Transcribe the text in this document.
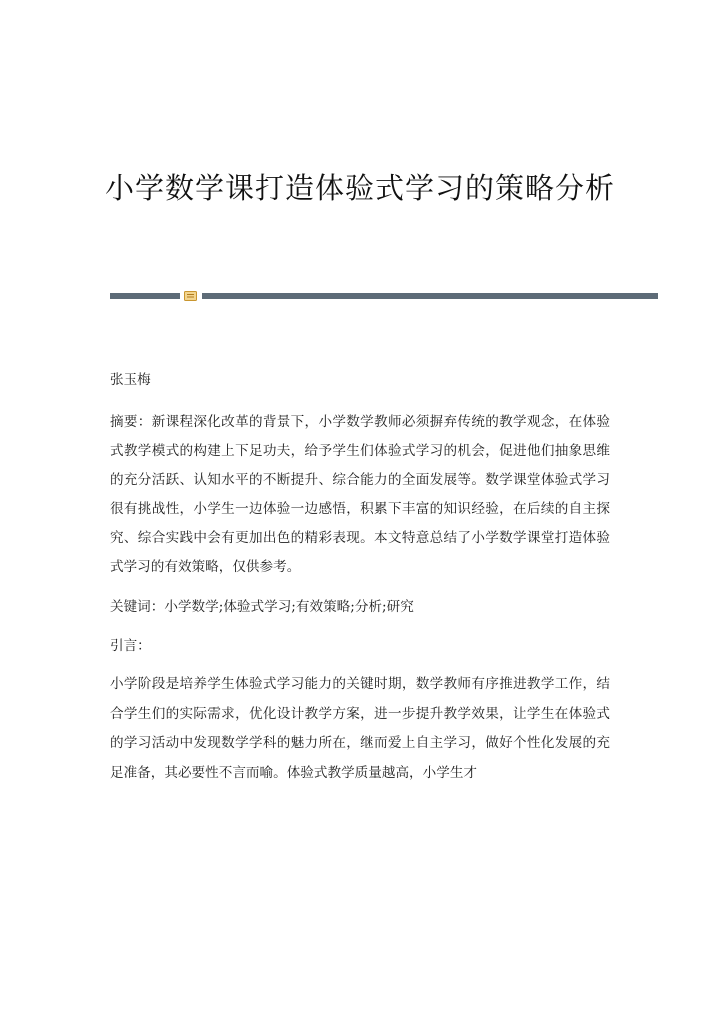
小学数学课打造体验式学习的策略分析

张玉梅

摘要：新课程深化改革的背景下，小学数学教师必须摒弃传统的教学观念，在体验式教学模式的构建上下足功夫，给予学生们体验式学习的机会，促进他们抽象思维的充分活跃、认知水平的不断提升、综合能力的全面发展等。数学课堂体验式学习很有挑战性，小学生一边体验一边感悟，积累下丰富的知识经验，在后续的自主探究、综合实践中会有更加出色的精彩表现。本文特意总结了小学数学课堂打造体验式学习的有效策略，仅供参考。

关键词：小学数学;体验式学习;有效策略;分析;研究

引言：

小学阶段是培养学生体验式学习能力的关键时期，数学教师有序推进教学工作，结合学生们的实际需求，优化设计教学方案，进一步提升教学效果，让学生在体验式的学习活动中发现数学学科的魅力所在，继而爱上自主学习，做好个性化发展的充足准备，其必要性不言而喻。体验式教学质量越高，小学生才
